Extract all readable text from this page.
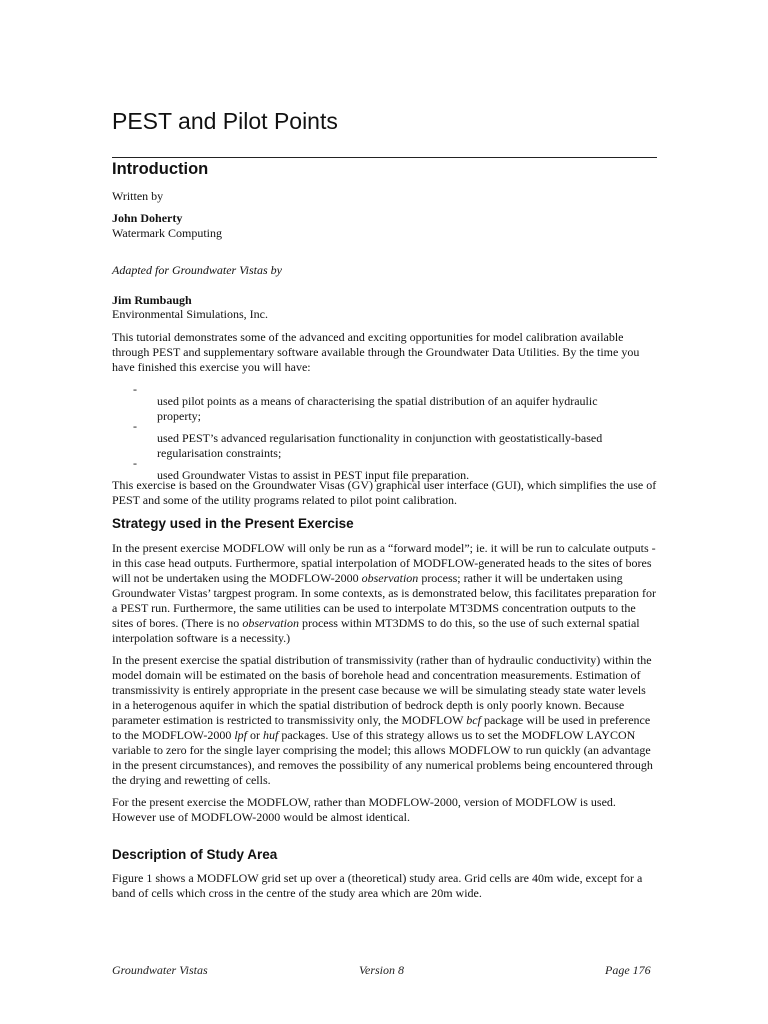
PEST and Pilot Points
Introduction

Written by

John Doherty

Watermark Computing

Adapted for Groundwater Vistas by

Jim Rumbaugh

Environmental Simulations, Inc.

This tutorial demonstrates some of the advanced and exciting opportunities for model calibration available through PEST and supplementary software available through the Groundwater Data Utilities. By the time you have finished this exercise you will have:

-

used pilot points as a means of characterising the spatial distribution of an aquifer hydraulic property;

-

used PEST’s advanced regularisation functionality in conjunction with geostatistically-based regularisation constraints;

-

used Groundwater Vistas to assist in PEST input file preparation.

This exercise is based on the Groundwater Visas (GV) graphical user interface (GUI), which simplifies the use of PEST and some of the utility programs related to pilot point calibration.

Strategy used in the Present Exercise

In the present exercise MODFLOW will only be run as a “forward model”; ie. it will be run to calculate outputs - in this case head outputs. Furthermore, spatial interpolation of MODFLOW-generated heads to the sites of bores will not be undertaken using the MODFLOW-2000 observation process; rather it will be undertaken using Groundwater Vistas’ targpest program. In some contexts, as is demonstrated below, this facilitates preparation for a PEST run. Furthermore, the same utilities can be used to interpolate MT3DMS concentration outputs to the sites of bores. (There is no observation process within MT3DMS to do this, so the use of such external spatial interpolation software is a necessity.)

In the present exercise the spatial distribution of transmissivity (rather than of hydraulic conductivity) within the model domain will be estimated on the basis of borehole head and concentration measurements. Estimation of transmissivity is entirely appropriate in the present case because we will be simulating steady state water levels in a heterogenous aquifer in which the spatial distribution of bedrock depth is only poorly known. Because parameter estimation is restricted to transmissivity only, the MODFLOW bcf package will be used in preference to the MODFLOW-2000 lpf or huf packages. Use of this strategy allows us to set the MODFLOW LAYCON variable to zero for the single layer comprising the model; this allows MODFLOW to run quickly (an advantage in the present circumstances), and removes the possibility of any numerical problems being encountered through the drying and rewetting of cells.

For the present exercise the MODFLOW, rather than MODFLOW-2000, version of MODFLOW is used. However use of MODFLOW-2000 would be almost identical.

Description of Study Area

Figure 1 shows a MODFLOW grid set up over a (theoretical) study area. Grid cells are 40m wide, except for a band of cells which cross in the centre of the study area which are 20m wide.

Groundwater Vistas	Version 8	Page 176
